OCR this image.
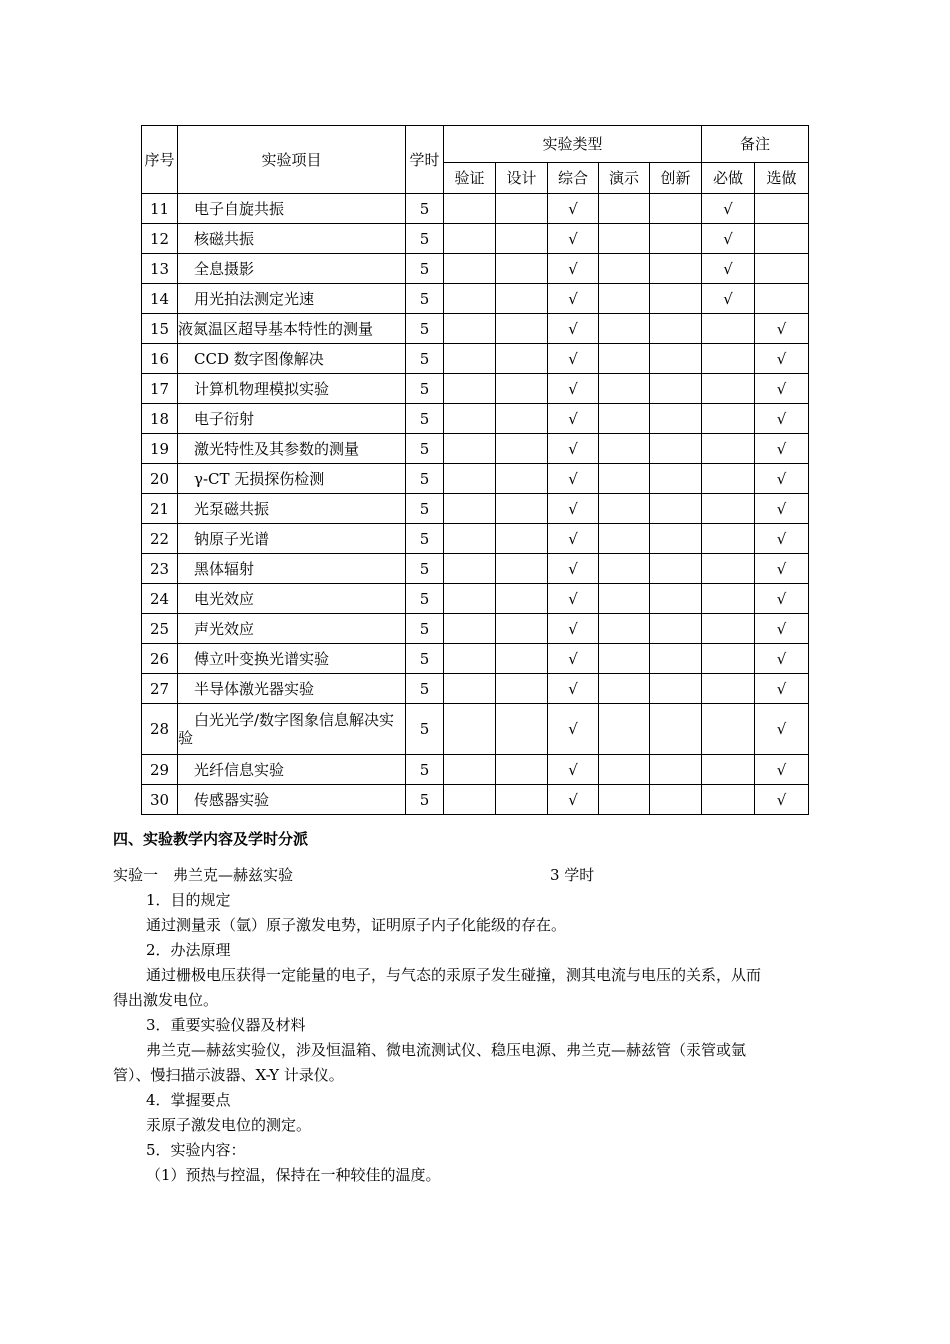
序号	实验项目	学时	实验类型					备注	
			验证	设计	综合	演示	创新	必做	选做
11	电子自旋共振	5			√			√	
12	核磁共振	5			√			√	
13	全息摄影	5			√			√	
14	用光拍法测定光速	5			√			√	
15	液氮温区超导基本特性的测量	5			√				√
16	CCD 数字图像解决	5			√				√
17	计算机物理模拟实验	5			√				√
18	电子衍射	5			√				√
19	激光特性及其参数的测量	5			√				√
20	γ-CT 无损探伤检测	5			√				√
21	光泵磁共振	5			√				√
22	钠原子光谱	5			√				√
23	黑体辐射	5			√				√
24	电光效应	5			√				√
25	声光效应	5			√				√
26	傅立叶变换光谱实验	5			√				√
27	半导体激光器实验	5			√				√
28	白光光学/数字图象信息解决实验	5			√				√
29	光纤信息实验	5			√				√
30	传感器实验	5			√				√
四、实验教学内容及学时分派
实验一　弗兰克—赫兹实验	3 学时
1．目的规定
通过测量汞（氩）原子激发电势，证明原子内子化能级的存在。
2．办法原理
通过栅极电压获得一定能量的电子，与气态的汞原子发生碰撞，测其电流与电压的关系，从而
得出激发电位。
3．重要实验仪器及材料
弗兰克—赫兹实验仪，涉及恒温箱、微电流测试仪、稳压电源、弗兰克—赫兹管（汞管或氩
管）、慢扫描示波器、X-Y 计录仪。
4．掌握要点
汞原子激发电位的测定。
5．实验内容：
（1）预热与控温，保持在一种较佳的温度。
